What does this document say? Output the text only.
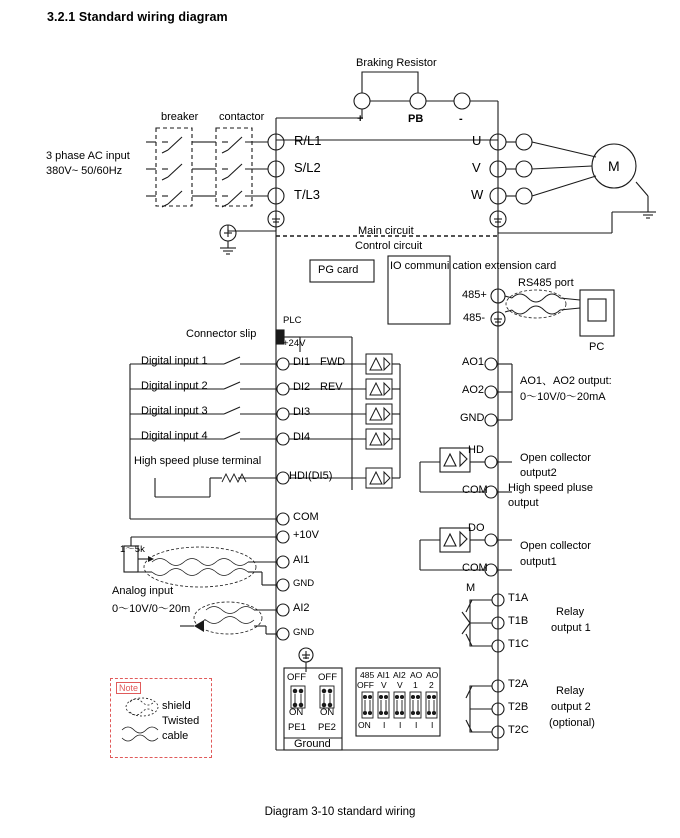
3.2.1 Standard wiring diagram
Braking Resistor
+	PB	-
breaker contactor
3 phase AC input
380V~ 50/60Hz
R/L1
S/L2
T/L3
U
V
W
M
Main circuit
Control circuit
PG card	IO communi cation extension card
RS485 port
485+
485-
PC
PLC
Connector slip
+24V
Digital input 1
Digital input 2
Digital input 3
Digital input 4
High speed pluse terminal
DI1 FWD
DI2 REV
DI3
DI4
HDI(DI5)
COM
+10V
AI1
GND
AI2
GND
1～5k
Analog input
0～10V/0～20m
AO1
AO2
GND
AO1、AO2 output:
0～10V/0～20mA
HD
COM
Open collector
output2
High speed pluse
output
DO
COM
Open collector
output1
M
T1A
T1B
T1C
Relay
output 1
T2A
T2B
T2C
Relay
output 2
(optional)
OFF OFF
ON ON
PE1 PE2
Ground
485 AI1 AI2 AO
1
AO
2
OFF V V
ON I I I I
Note
shield
Twisted
cable
Diagram 3-10 standard wiring
